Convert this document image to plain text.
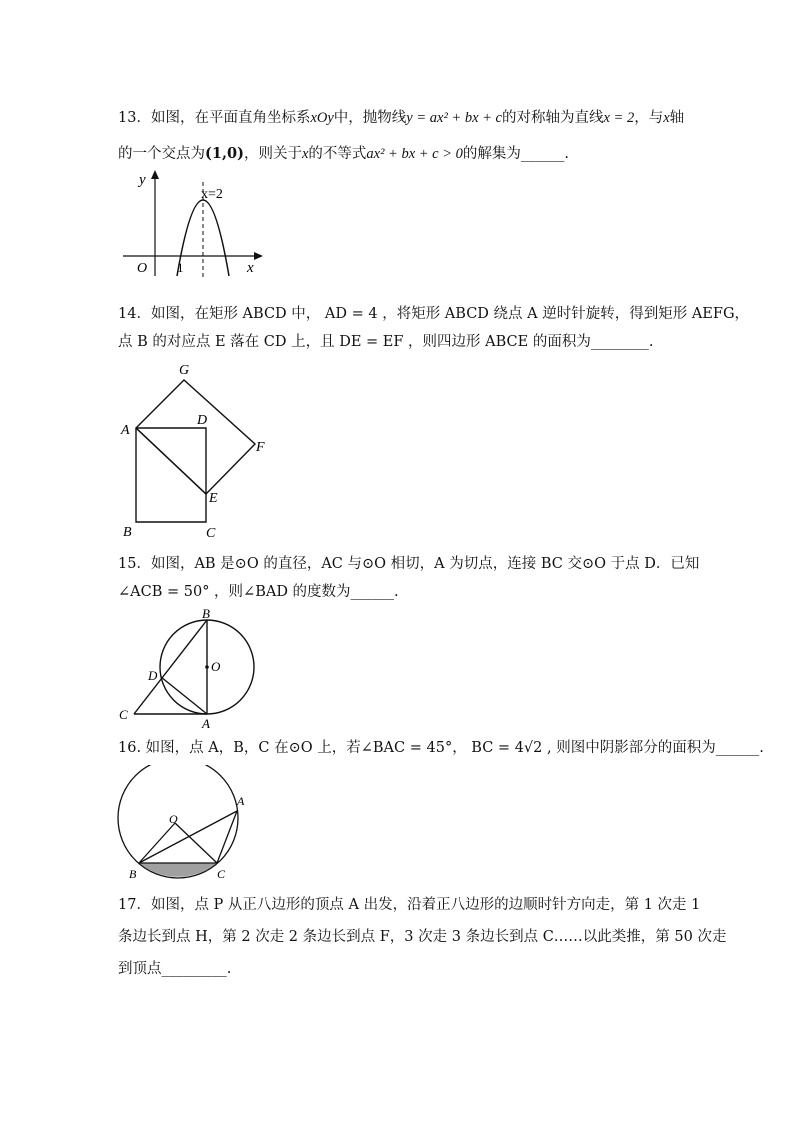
13．如图，在平面直角坐标系xOy中，抛物线y = ax² + bx + c的对称轴为直线x = 2，与x轴
的一个交点为(1,0)，则关于x的不等式ax² + bx + c > 0的解集为______.
y
x
O 1
x=2
14．如图，在矩形 ABCD 中， AD = 4 ，将矩形 ABCD 绕点 A 逆时针旋转，得到矩形 AEFG，
点 B 的对应点 E 落在 CD 上，且 DE = EF ，则四边形 ABCE 的面积为________.
G
A
D
F
E
B	C
15．如图，AB 是⊙O 的直径，AC 与⊙O 相切，A 为切点，连接 BC 交⊙O 于点 D．已知
∠ACB = 50° ，则∠BAD 的度数为______.
B
O
D
C
A
16. 如图，点 A，B，C 在⊙O 上，若∠BAC = 45°， BC = 4√2 , 则图中阴影部分的面积为______.
O
A
B	C
17．如图，点 P 从正八边形的顶点 A 出发，沿着正八边形的边顺时针方向走，第 1 次走 1
条边长到点 H，第 2 次走 2 条边长到点 F，3 次走 3 条边长到点 C……以此类推，第 50 次走
到顶点_________.
